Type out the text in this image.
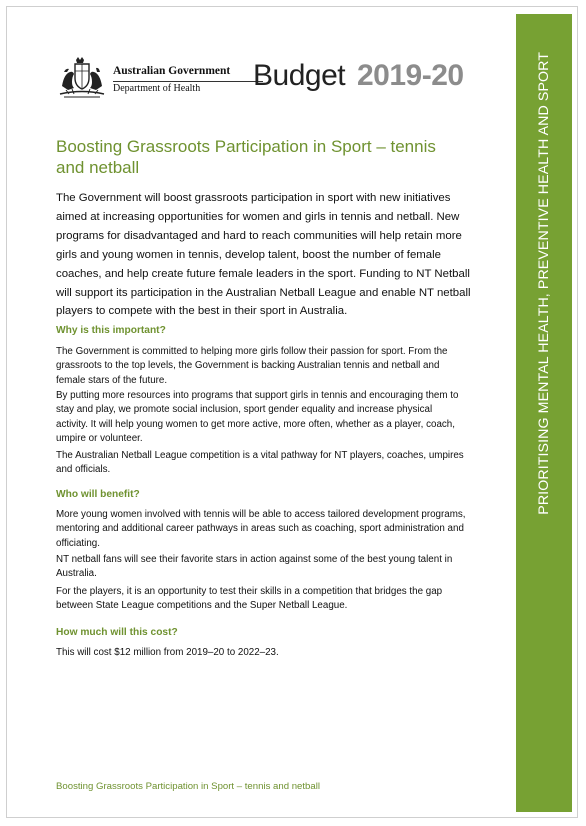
PRIORITISING MENTAL HEALTH, PREVENTIVE HEALTH AND SPORT
Australian Government
Department of Health Budget 2019-20
Boosting Grassroots Participation in Sport – tennis and netball

The Government will boost grassroots participation in sport with new initiatives aimed at increasing opportunities for women and girls in tennis and netball. New programs for disadvantaged and hard to reach communities will help retain more girls and young women in tennis, develop talent, boost the number of female coaches, and help create future female leaders in the sport. Funding to NT Netball will support its participation in the Australian Netball League and enable NT netball players to compete with the best in their sport in Australia.

Why is this important?

The Government is committed to helping more girls follow their passion for sport. From the grassroots to the top levels, the Government is backing Australian tennis and netball and female stars of the future.

By putting more resources into programs that support girls in tennis and encouraging them to stay and play, we promote social inclusion, sport gender equality and increase physical activity. It will help young women to get more active, more often, whether as a player, coach, umpire or volunteer.

The Australian Netball League competition is a vital pathway for NT players, coaches, umpires and officials.

Who will benefit?

More young women involved with tennis will be able to access tailored development programs, mentoring and additional career pathways in areas such as coaching, sport administration and officiating.

NT netball fans will see their favorite stars in action against some of the best young talent in Australia.

For the players, it is an opportunity to test their skills in a competition that bridges the gap between State League competitions and the Super Netball League.

How much will this cost?

This will cost $12 million from 2019–20 to 2022–23.

Boosting Grassroots Participation in Sport – tennis and netball
